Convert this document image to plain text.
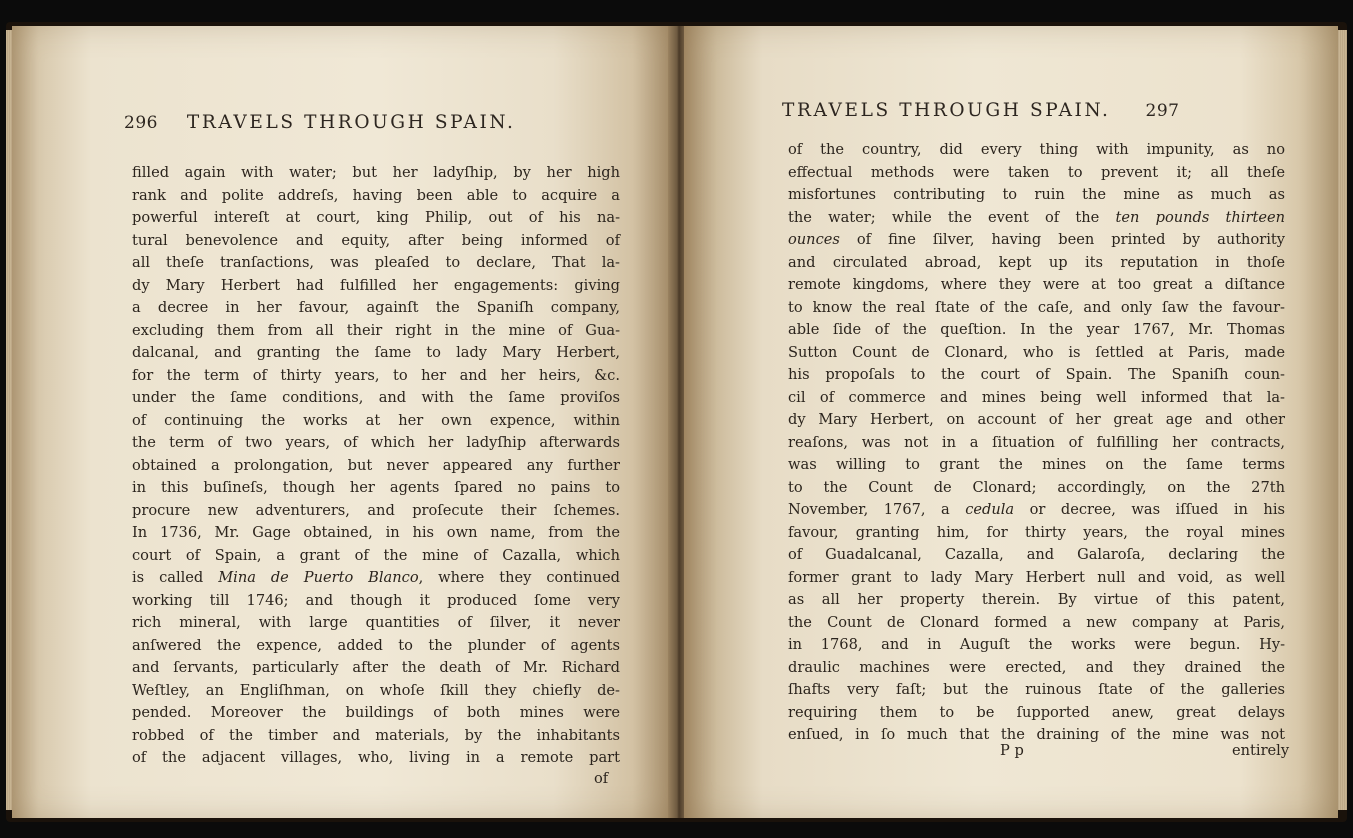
296 TRAVELS THROUGH SPAIN.

filled again with water; but her ladyſhip, by her high

rank and polite addreſs, having been able to acquire a

powerful intereſt at court, king Philip, out of his na-

tural benevolence and equity, after being informed of

all theſe tranſactions, was pleaſed to declare, That la-

dy Mary Herbert had fulfilled her engagements: giving

a decree in her favour, againſt the Spaniſh company,

excluding them from all their right in the mine of Gua-

dalcanal, and granting the ſame to lady Mary Herbert,

for the term of thirty years, to her and her heirs, &c.

under the ſame conditions, and with the ſame proviſos

of continuing the works at her own expence, within

the term of two years, of which her ladyſhip afterwards

obtained a prolongation, but never appeared any further

in this buſineſs, though her agents ſpared no pains to

procure new adventurers, and proſecute their ſchemes.

In 1736, Mr. Gage obtained, in his own name, from the

court of Spain, a grant of the mine of Cazalla, which

is called Mina de Puerto Blanco, where they continued

working till 1746; and though it produced ſome very

rich mineral, with large quantities of ſilver, it never

anſwered the expence, added to the plunder of agents

and ſervants, particularly after the death of Mr. Richard

Weſtley, an Engliſhman, on whoſe ſkill they chiefly de-

pended. Moreover the buildings of both mines were

robbed of the timber and materials, by the inhabitants

of the adjacent villages, who, living in a remote part

of
TRAVELS THROUGH SPAIN. 297

of the country, did every thing with impunity, as no

effectual methods were taken to prevent it; all theſe

misfortunes contributing to ruin the mine as much as

the water; while the event of the ten pounds thirteen

ounces of fine ſilver, having been printed by authority

and circulated abroad, kept up its reputation in thoſe

remote kingdoms, where they were at too great a diſtance

to know the real ſtate of the caſe, and only ſaw the favour-

able ſide of the queſtion. In the year 1767, Mr. Thomas

Sutton Count de Clonard, who is ſettled at Paris, made

his propoſals to the court of Spain. The Spaniſh coun-

cil of commerce and mines being well informed that la-

dy Mary Herbert, on account of her great age and other

reaſons, was not in a ſituation of fulfilling her contracts,

was willing to grant the mines on the ſame terms

to the Count de Clonard; accordingly, on the 27th

November, 1767, a cedula or decree, was iſſued in his

favour, granting him, for thirty years, the royal mines

of Guadalcanal, Cazalla, and Galaroſa, declaring the

former grant to lady Mary Herbert null and void, as well

as all her property therein. By virtue of this patent,

the Count de Clonard formed a new company at Paris,

in 1768, and in Auguſt the works were begun. Hy-

draulic machines were erected, and they drained the

ſhafts very faſt; but the ruinous ſtate of the galleries

requiring them to be ſupported anew, great delays

enſued, in ſo much that the draining of the mine was not

P p	entirely
